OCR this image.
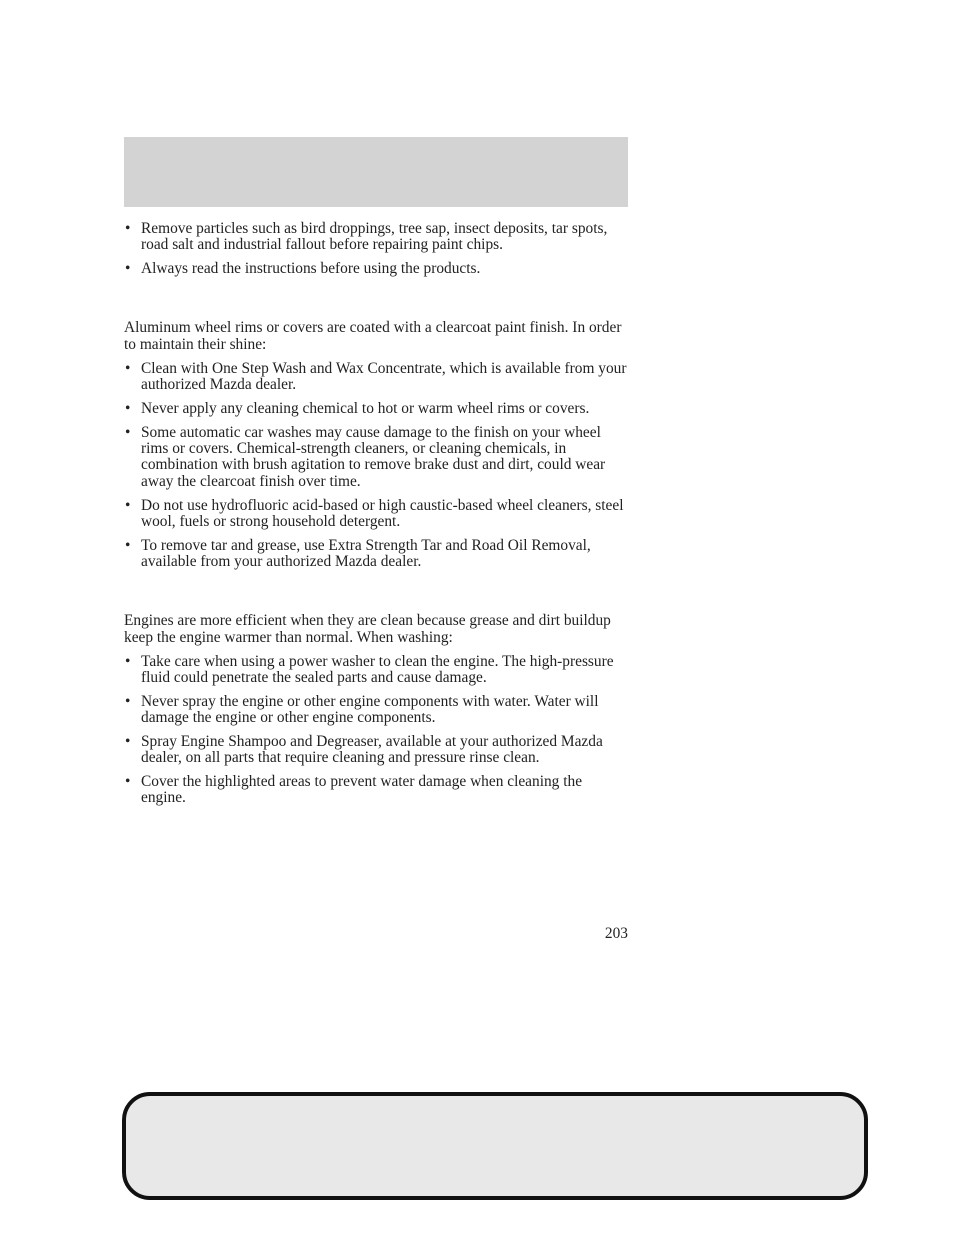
• Remove particles such as bird droppings, tree sap, insect deposits, tar spots, road salt and industrial fallout before repairing paint chips.
• Always read the instructions before using the products.

Aluminum wheel rims or covers are coated with a clearcoat paint finish. In order to maintain their shine:

• Clean with One Step Wash and Wax Concentrate, which is available from your authorized Mazda dealer.
• Never apply any cleaning chemical to hot or warm wheel rims or covers.
• Some automatic car washes may cause damage to the finish on your wheel rims or covers. Chemical-strength cleaners, or cleaning chemicals, in combination with brush agitation to remove brake dust and dirt, could wear away the clearcoat finish over time.
• Do not use hydrofluoric acid-based or high caustic-based wheel cleaners, steel wool, fuels or strong household detergent.
• To remove tar and grease, use Extra Strength Tar and Road Oil Removal, available from your authorized Mazda dealer.

Engines are more efficient when they are clean because grease and dirt buildup keep the engine warmer than normal. When washing:

• Take care when using a power washer to clean the engine. The high-pressure fluid could penetrate the sealed parts and cause damage.
• Never spray the engine or other engine components with water. Water will damage the engine or other engine components.
• Spray Engine Shampoo and Degreaser, available at your authorized Mazda dealer, on all parts that require cleaning and pressure rinse clean.
• Cover the highlighted areas to prevent water damage when cleaning the engine.
203
